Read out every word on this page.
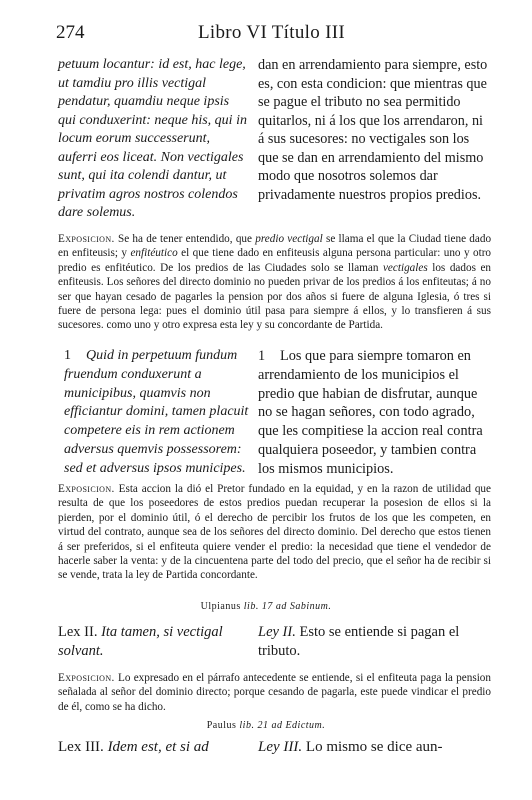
274	Libro VI Título III
petuum locantur: id est, hac lege, ut tamdiu pro illis vectigal pendatur, quamdiu neque ipsis qui conduxerint: neque his, qui in locum eorum successerunt, auferri eos liceat. Non vectigales sunt, qui ita colendi dantur, ut privatim agros nostros colendos dare solemus.
dan en arrendamiento para siempre, esto es, con esta condicion: que mientras que se pague el tributo no sea permitido quitarlos, ni á los que los arrendaron, ni á sus sucesores: no vectigales son los que se dan en arrendamiento del mismo modo que nosotros solemos dar privadamente nuestros propios predios.

Exposicion. Se ha de tener entendido, que predio vectigal se llama el que la Ciudad tiene dado en enfiteusis; y enfitéutico el que tiene dado en enfiteusis alguna persona particular: uno y otro predio es enfitéutico. De los predios de las Ciudades solo se llaman vectigales los dados en enfiteusis. Los señores del directo dominio no pueden privar de los predios á los enfiteutas; á no ser que hayan cesado de pagarles la pension por dos años si fuere de alguna Iglesia, ó tres si fuere de persona lega: pues el dominio útil pasa para siempre á ellos, y lo transfieren á sus sucesores. como uno y otro expresa esta ley y su concordante de Partida.

1 Quid in perpetuum fundum fruendum conduxerunt a municipibus, quamvis non efficiantur domini, tamen placuit competere eis in rem actionem adversus quemvis possessorem: sed et adversus ipsos municipes.
1 Los que para siempre tomaron en arrendamiento de los municipios el predio que habian de disfrutar, aunque no se hagan señores, con todo agrado, que les compitiese la accion real contra qualquiera poseedor, y tambien contra los mismos municipios.

Exposicion. Esta accion la dió el Pretor fundado en la equidad, y en la razon de utilidad que resulta de que los poseedores de estos predios puedan recuperar la posesion de ellos si la pierden, por el dominio útil, ó el derecho de percibir los frutos de los que les competen, en virtud del contrato, aunque sea de los señores del directo dominio. Del derecho que estos tienen á ser preferidos, si el enfiteuta quiere vender el predio: la necesidad que tiene el vendedor de hacerle saber la venta: y de la cincuentena parte del todo del precio, que el señor ha de recibir si se vende, trata la ley de Partida concordante.

Ulpianus lib. 17 ad Sabinum.
Lex II. Ita tamen, si vectigal solvant.
Ley II. Esto se entiende si pagan el tributo.

Exposicion. Lo expresado en el párrafo antecedente se entiende, si el enfiteuta paga la pension señalada al señor del dominio directo; porque cesando de pagarla, este puede vindicar el predio de él, como se ha dicho.

Paulus lib. 21 ad Edictum.
Lex III. Idem est, et si ad	Ley III. Lo mismo se dice aun-
